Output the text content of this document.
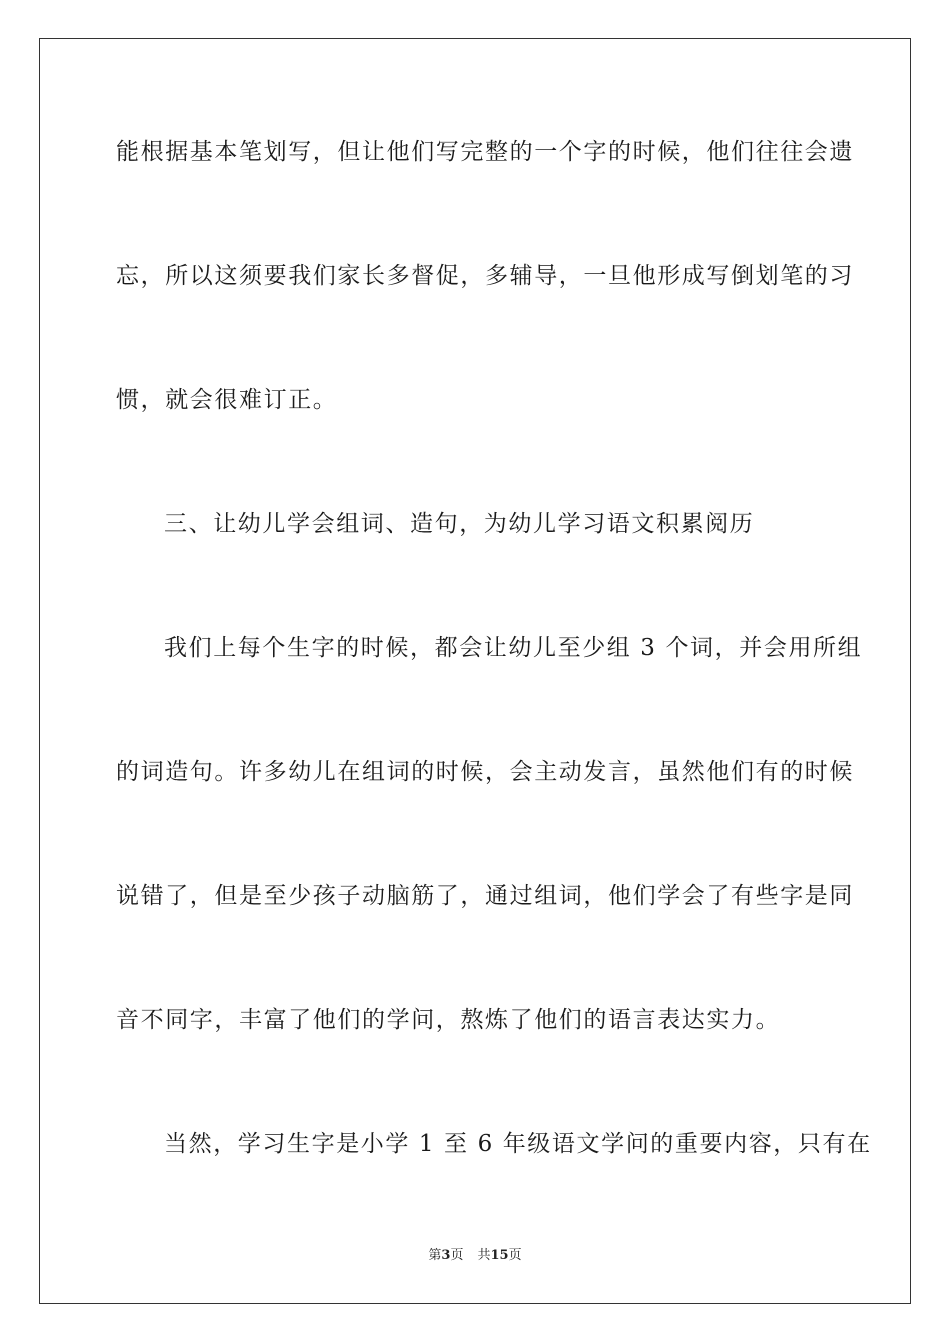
能根据基本笔划写，但让他们写完整的一个字的时候，他们往往会遗
忘，所以这须要我们家长多督促，多辅导，一旦他形成写倒划笔的习
惯，就会很难订正。
三、让幼儿学会组词、造句，为幼儿学习语文积累阅历
我们上每个生字的时候，都会让幼儿至少组 3 个词，并会用所组
的词造句。许多幼儿在组词的时候，会主动发言，虽然他们有的时候
说错了，但是至少孩子动脑筋了，通过组词，他们学会了有些字是同
音不同字，丰富了他们的学问，熬炼了他们的语言表达实力。
当然，学习生字是小学 1 至 6 年级语文学问的重要内容，只有在
第3页 共15页
